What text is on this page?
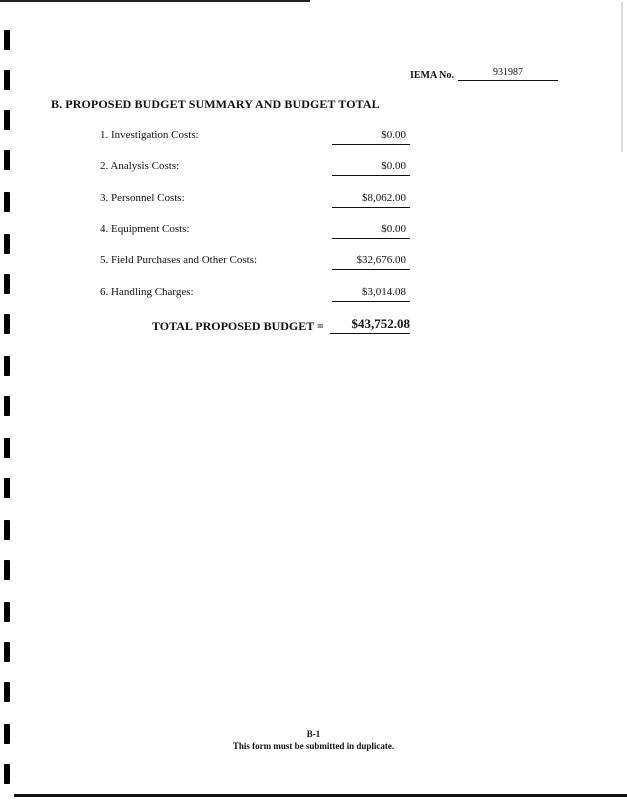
IEMA No.	931987
B. PROPOSED BUDGET SUMMARY AND BUDGET TOTAL
1. Investigation Costs:	$0.00
2. Analysis Costs:	$0.00
3. Personnel Costs:	$8,062.00
4. Equipment Costs:	$0.00
5. Field Purchases and Other Costs:	$32,676.00
6. Handling Charges:	$3,014.08
TOTAL PROPOSED BUDGET =	$43,752.08
B-1
This form must be submitted in duplicate.
